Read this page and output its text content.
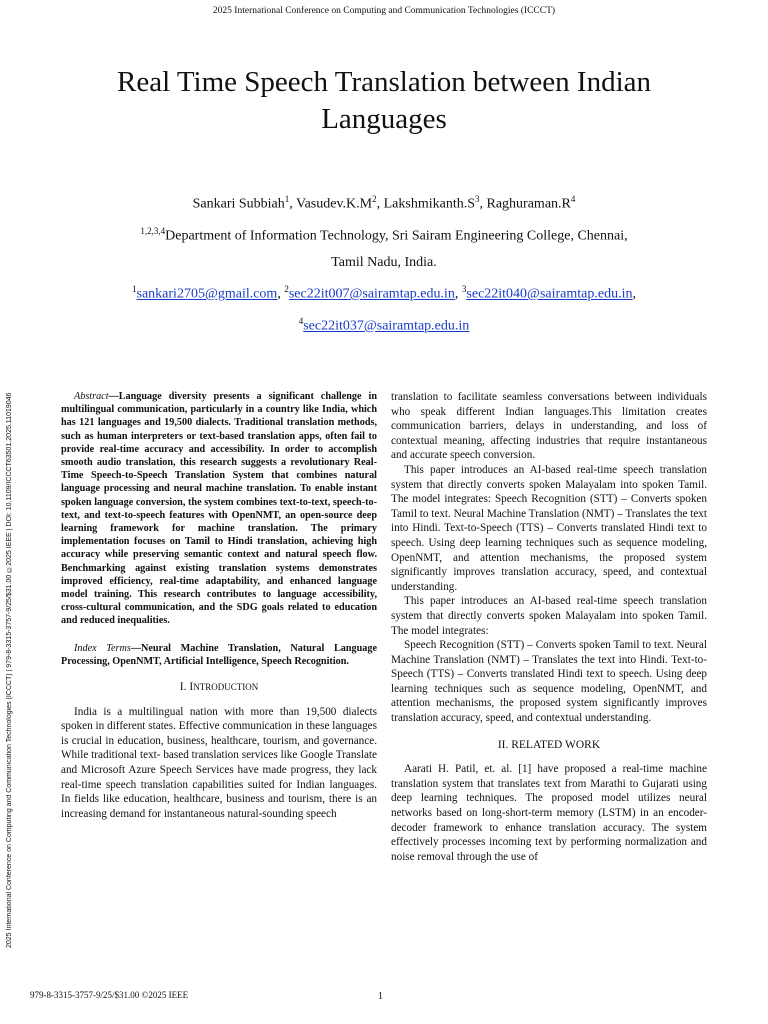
2025 International Conference on Computing and Communication Technologies (ICCCT)
2025 International Conference on Computing and Communication Technologies (ICCCT) | 979-8-3315-3757-9/25/$31.00 ©2025 IEEE | DOI: 10.1109/ICCCT63501.2025.11019046
Real Time Speech Translation between Indian
Languages
Sankari Subbiah$^1$, $Vasudev.K.M^2$, $Lakshmikanth.S^3$, $Raghuraman.R^4$
$^{1,2,3,4}$Department of Information Technology, Sri Sairam Engineering College, Chennai,
Tamil Nadu, India.
$^1$sankari2705@gmail.com, $^2$sec22it007@sairamtap.edu.in, $^3$sec22it040@sairamtap.edu.in,
$^4$sec22it037@sairamtap.edu.in

Abstract—Language diversity presents a significant challenge in multilingual communication, particularly in a country like India, which has 121 languages and 19,500 dialects. Traditional translation methods, such as human interpreters or text-based translation apps, often fail to provide real-time accuracy and accessibility. In order to accomplish smooth audio translation, this research suggests a revolutionary Real-Time Speech-to-Speech Translation System that combines natural language processing and neural machine translation. To enable instant spoken language conversion, the system combines text-to-text, speech-to-text, and text-to-speech features with OpenNMT, an open-source deep learning framework for machine translation. The primary implementation focuses on Tamil to Hindi translation, achieving high accuracy while preserving semantic context and natural speech flow. Benchmarking against existing translation systems demonstrates improved efficiency, real-time adaptability, and enhanced language model training. This research contributes to language accessibility, cross-cultural communication, and the SDG goals related to education and reduced inequalities.

Index Terms—Neural Machine Translation, Natural Language Processing, OpenNMT, Artificial Intelligence, Speech Recognition.

I. INTRODUCTION

India is a multilingual nation with more than 19,500 dialects spoken in different states. Effective communication in these languages is crucial in education, business, healthcare, tourism, and governance. While traditional text- based translation services like Google Translate and Microsoft Azure Speech Services have made progress, they lack real-time speech translation capabilities suited for Indian languages. In fields like education, healthcare, business and tourism, there is an increasing demand for instantaneous natural-sounding speech

translation to facilitate seamless conversations between individuals who speak different Indian languages.This limitation creates communication barriers, delays in understanding, and loss of contextual meaning, affecting industries that require instantaneous and accurate speech conversion.

This paper introduces an AI-based real-time speech translation system that directly converts spoken Malayalam into spoken Tamil. The model integrates: Speech Recognition (STT) – Converts spoken Tamil to text. Neural Machine Translation (NMT) – Translates the text into Hindi. Text-to-Speech (TTS) – Converts translated Hindi text to speech. Using deep learning techniques such as sequence modeling, OpenNMT, and attention mechanisms, the proposed system significantly improves translation accuracy, speed, and contextual understanding.

This paper introduces an AI-based real-time speech translation system that directly converts spoken Malayalam into spoken Tamil. The model integrates:

Speech Recognition (STT) – Converts spoken Tamil to text. Neural Machine Translation (NMT) – Translates the text into Hindi. Text-to-Speech (TTS) – Converts translated Hindi text to speech. Using deep learning techniques such as sequence modeling, OpenNMT, and attention mechanisms, the proposed system significantly improves translation accuracy, speed, and contextual understanding.

II. RELATED WORK

Aarati H. Patil, et. al. [1] have proposed a real-time machine translation system that translates text from Marathi to Gujarati using deep learning techniques. The proposed model utilizes neural networks based on long-short-term memory (LSTM) in an encoder-decoder framework to enhance translation accuracy. The system effectively processes incoming text by performing normalization and noise removal through the use of

979-8-3315-3757-9/25/$31.00 ©2025 IEEE	1
